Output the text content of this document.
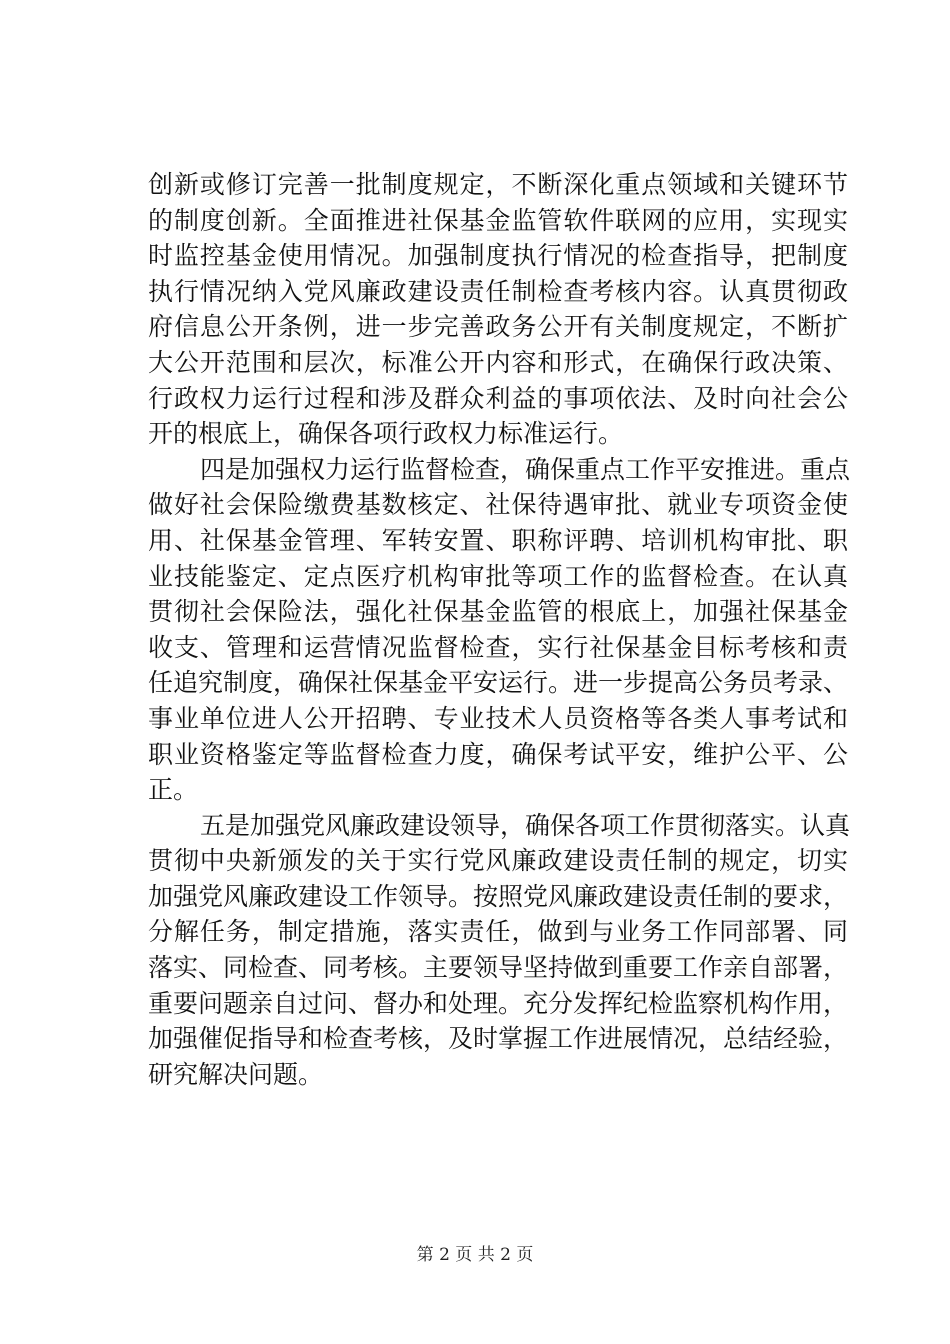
创新或修订完善一批制度规定，不断深化重点领域和关键环节
的制度创新。全面推进社保基金监管软件联网的应用，实现实
时监控基金使用情况。加强制度执行情况的检查指导，把制度
执行情况纳入党风廉政建设责任制检查考核内容。认真贯彻政
府信息公开条例，进一步完善政务公开有关制度规定，不断扩
大公开范围和层次，标准公开内容和形式，在确保行政决策、
行政权力运行过程和涉及群众利益的事项依法、及时向社会公
开的根底上，确保各项行政权力标准运行。
四是加强权力运行监督检查，确保重点工作平安推进。重点
做好社会保险缴费基数核定、社保待遇审批、就业专项资金使
用、社保基金管理、军转安置、职称评聘、培训机构审批、职
业技能鉴定、定点医疗机构审批等项工作的监督检查。在认真
贯彻社会保险法，强化社保基金监管的根底上，加强社保基金
收支、管理和运营情况监督检查，实行社保基金目标考核和责
任追究制度，确保社保基金平安运行。进一步提高公务员考录、
事业单位进人公开招聘、专业技术人员资格等各类人事考试和
职业资格鉴定等监督检查力度，确保考试平安，维护公平、公
正。
五是加强党风廉政建设领导，确保各项工作贯彻落实。认真
贯彻中央新颁发的关于实行党风廉政建设责任制的规定，切实
加强党风廉政建设工作领导。按照党风廉政建设责任制的要求，
分解任务，制定措施，落实责任，做到与业务工作同部署、同
落实、同检查、同考核。主要领导坚持做到重要工作亲自部署，
重要问题亲自过问、督办和处理。充分发挥纪检监察机构作用，
加强催促指导和检查考核，及时掌握工作进展情况，总结经验，
研究解决问题。
第 2 页 共 2 页
